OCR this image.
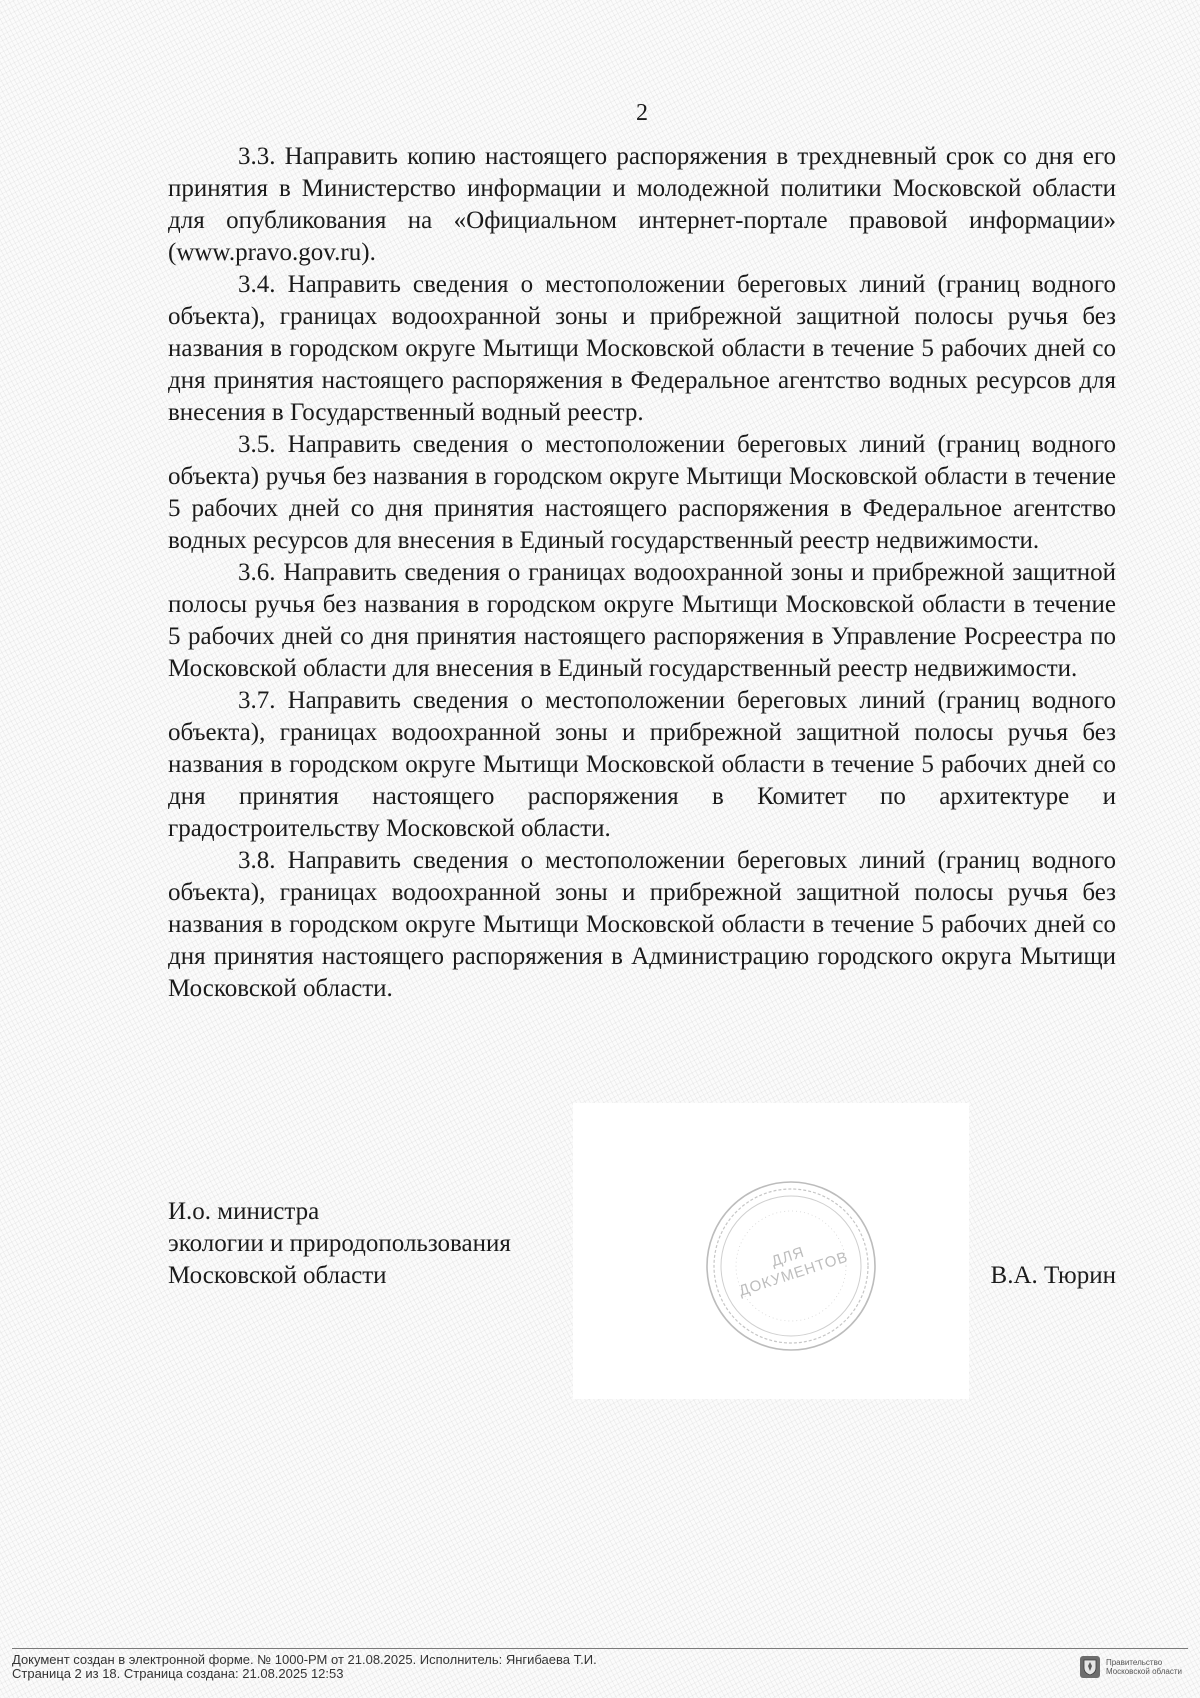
2

3.3. Направить копию настоящего распоряжения в трехдневный срок со дня его принятия в Министерство информации и молодежной политики Московской области для опубликования на «Официальном интернет-портале правовой информации» (www.pravo.gov.ru).

3.4. Направить сведения о местоположении береговых линий (границ водного объекта), границах водоохранной зоны и прибрежной защитной полосы ручья без названия в городском округе Мытищи Московской области в течение 5 рабочих дней со дня принятия настоящего распоряжения в Федеральное агентство водных ресурсов для внесения в Государственный водный реестр.

3.5. Направить сведения о местоположении береговых линий (границ водного объекта) ручья без названия в городском округе Мытищи Московской области в течение 5 рабочих дней со дня принятия настоящего распоряжения в Федеральное агентство водных ресурсов для внесения в Единый государственный реестр недвижимости.

3.6. Направить сведения о границах водоохранной зоны и прибрежной защитной полосы ручья без названия в городском округе Мытищи Московской области в течение 5 рабочих дней со дня принятия настоящего распоряжения в Управление Росреестра по Московской области для внесения в Единый государственный реестр недвижимости.

3.7. Направить сведения о местоположении береговых линий (границ водного объекта), границах водоохранной зоны и прибрежной защитной полосы ручья без названия в городском округе Мытищи Московской области в течение 5 рабочих дней со дня принятия настоящего распоряжения в Комитет по архитектуре и градостроительству Московской области.

3.8. Направить сведения о местоположении береговых линий (границ водного объекта), границах водоохранной зоны и прибрежной защитной полосы ручья без названия в городском округе Мытищи Московской области в течение 5 рабочих дней со дня принятия настоящего распоряжения в Администрацию городского округа Мытищи Московской области.

ДЛЯ
ДОКУМЕНТОВ
И.о. министра
экологии и природопользования
Московской области	В.А. Тюрин
Документ создан в электронной форме. № 1000-РМ от 21.08.2025. Исполнитель: Янгибаева Т.И.
Страница 2 из 18. Страница создана: 21.08.2025 12:53
Правительство
Московской области
